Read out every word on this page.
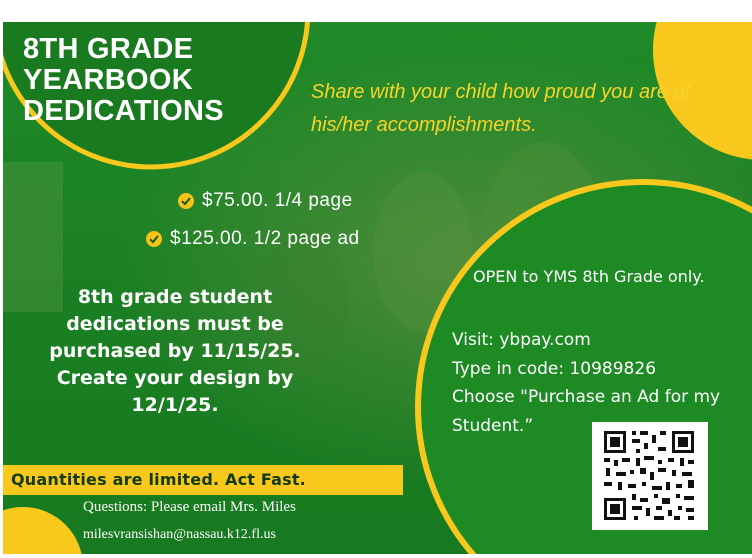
8TH GRADE
YEARBOOK
DEDICATIONS
Share with your child how proud you are of his/her accomplishments.
$75.00. 1/4 page
$125.00. 1/2 page ad
8th grade student dedications must be purchased by 11/15/25. Create your design by 12/1/25.
OPEN to YMS 8th Grade only.
Visit: ybpay.com
Type in code: 10989826
Choose "Purchase an Ad for my Student.”
Quantities are limited. Act Fast.
Questions: Please email Mrs. Miles
milesvransishan@nassau.k12.fl.us
